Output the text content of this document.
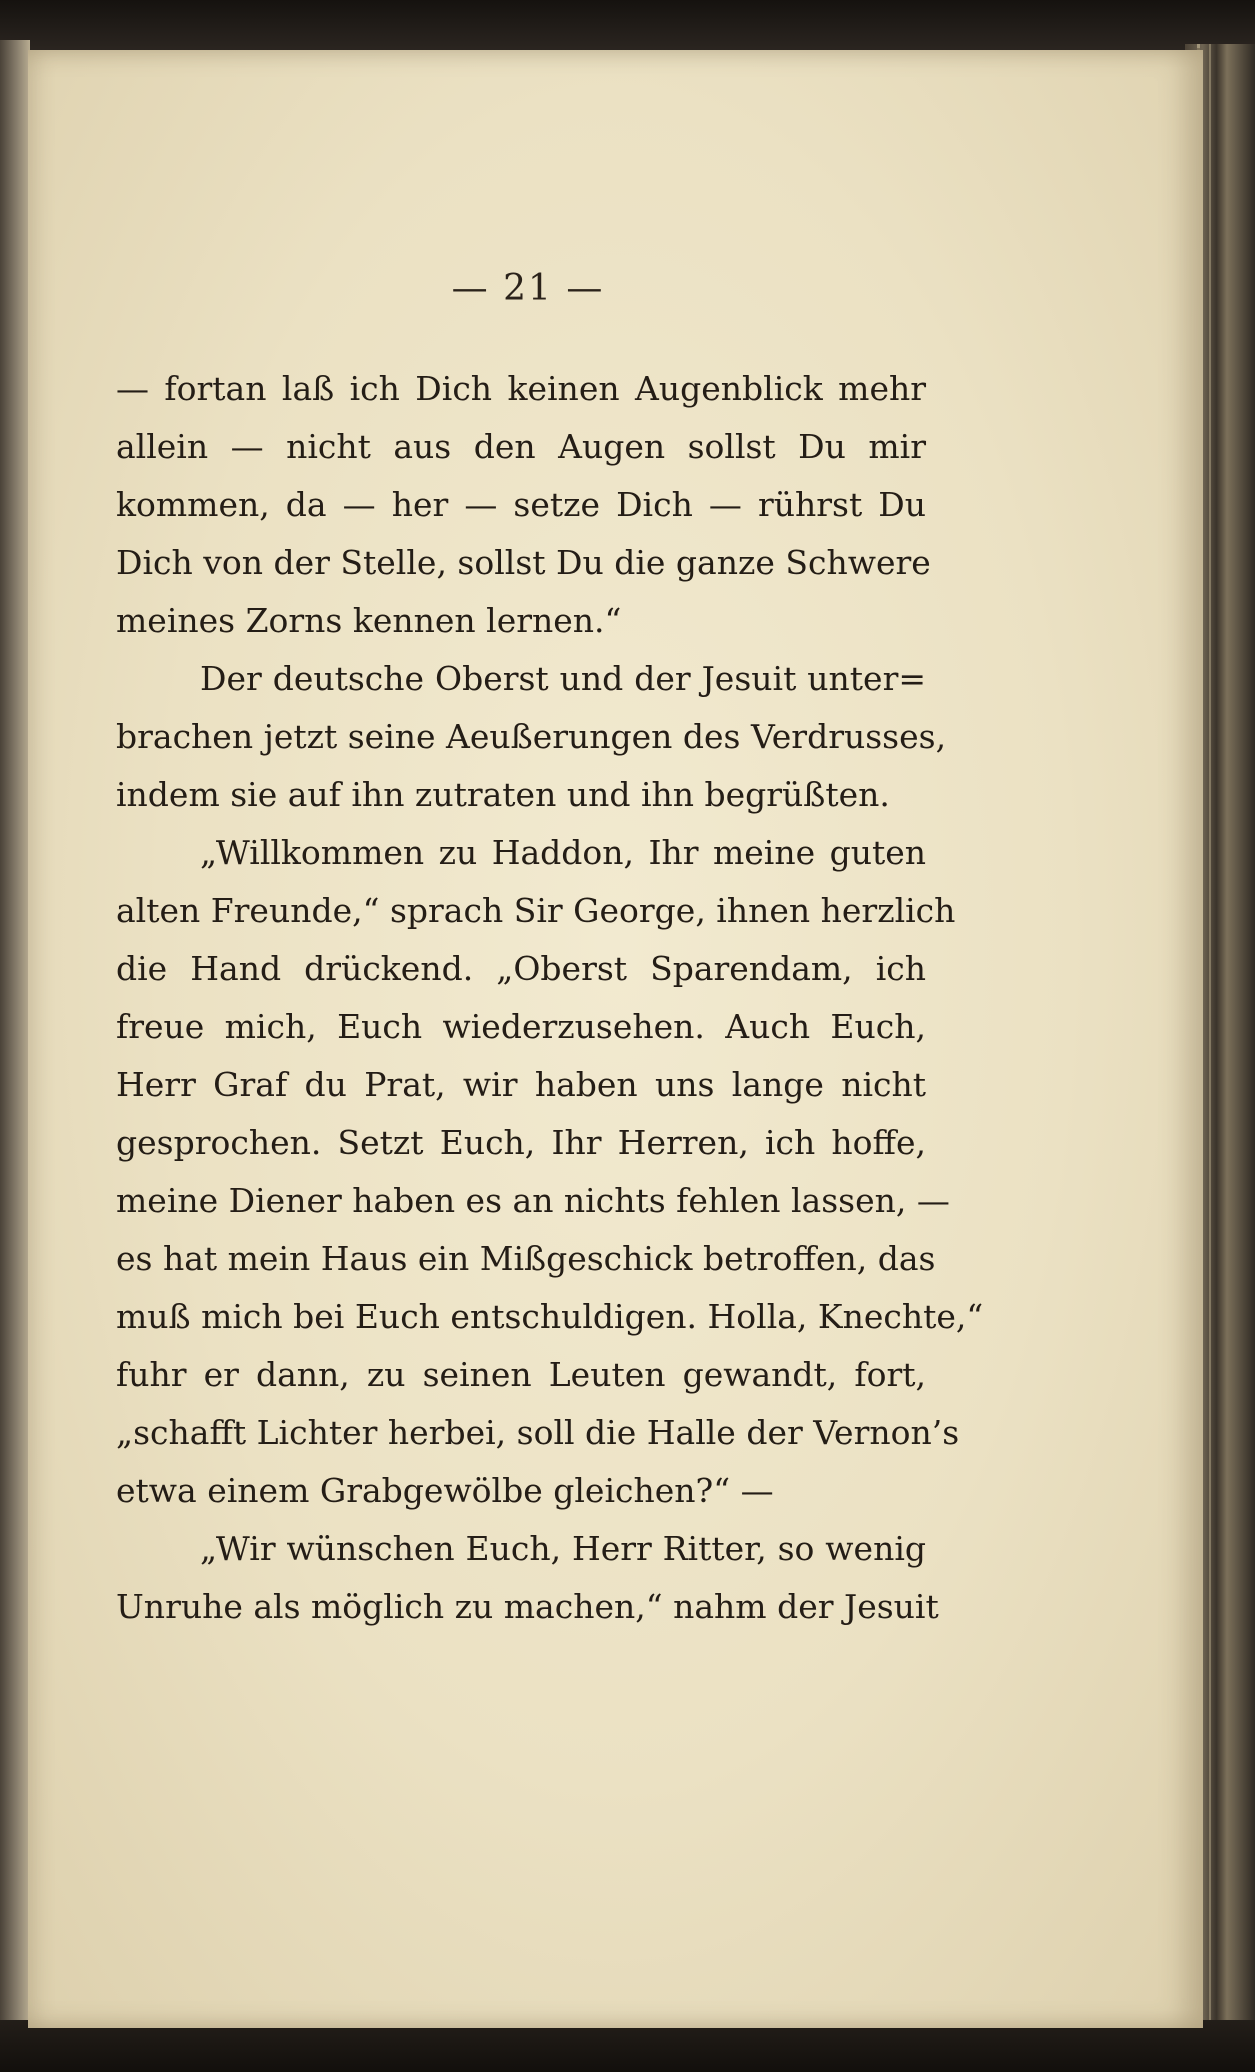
— 21 —
— fortan laß ich Dich keinen Augenblick mehr
allein — nicht aus den Augen sollst Du mir
kommen, da — her — setze Dich — rührst Du
Dich von der Stelle, sollst Du die ganze Schwere
meines Zorns kennen lernen.“
Der deutsche Oberst und der Jesuit unter=
brachen jetzt seine Aeußerungen des Verdrusses,
indem sie auf ihn zutraten und ihn begrüßten.
„Willkommen zu Haddon, Ihr meine guten
alten Freunde,“ sprach Sir George, ihnen herzlich
die Hand drückend. „Oberst Sparendam, ich
freue mich, Euch wiederzusehen. Auch Euch,
Herr Graf du Prat, wir haben uns lange nicht
gesprochen. Setzt Euch, Ihr Herren, ich hoffe,
meine Diener haben es an nichts fehlen lassen, —
es hat mein Haus ein Mißgeschick betroffen, das
muß mich bei Euch entschuldigen. Holla, Knechte,“
fuhr er dann, zu seinen Leuten gewandt, fort,
„schafft Lichter herbei, soll die Halle der Vernon’s
etwa einem Grabgewölbe gleichen?“ —
„Wir wünschen Euch, Herr Ritter, so wenig
Unruhe als möglich zu machen,“ nahm der Jesuit
